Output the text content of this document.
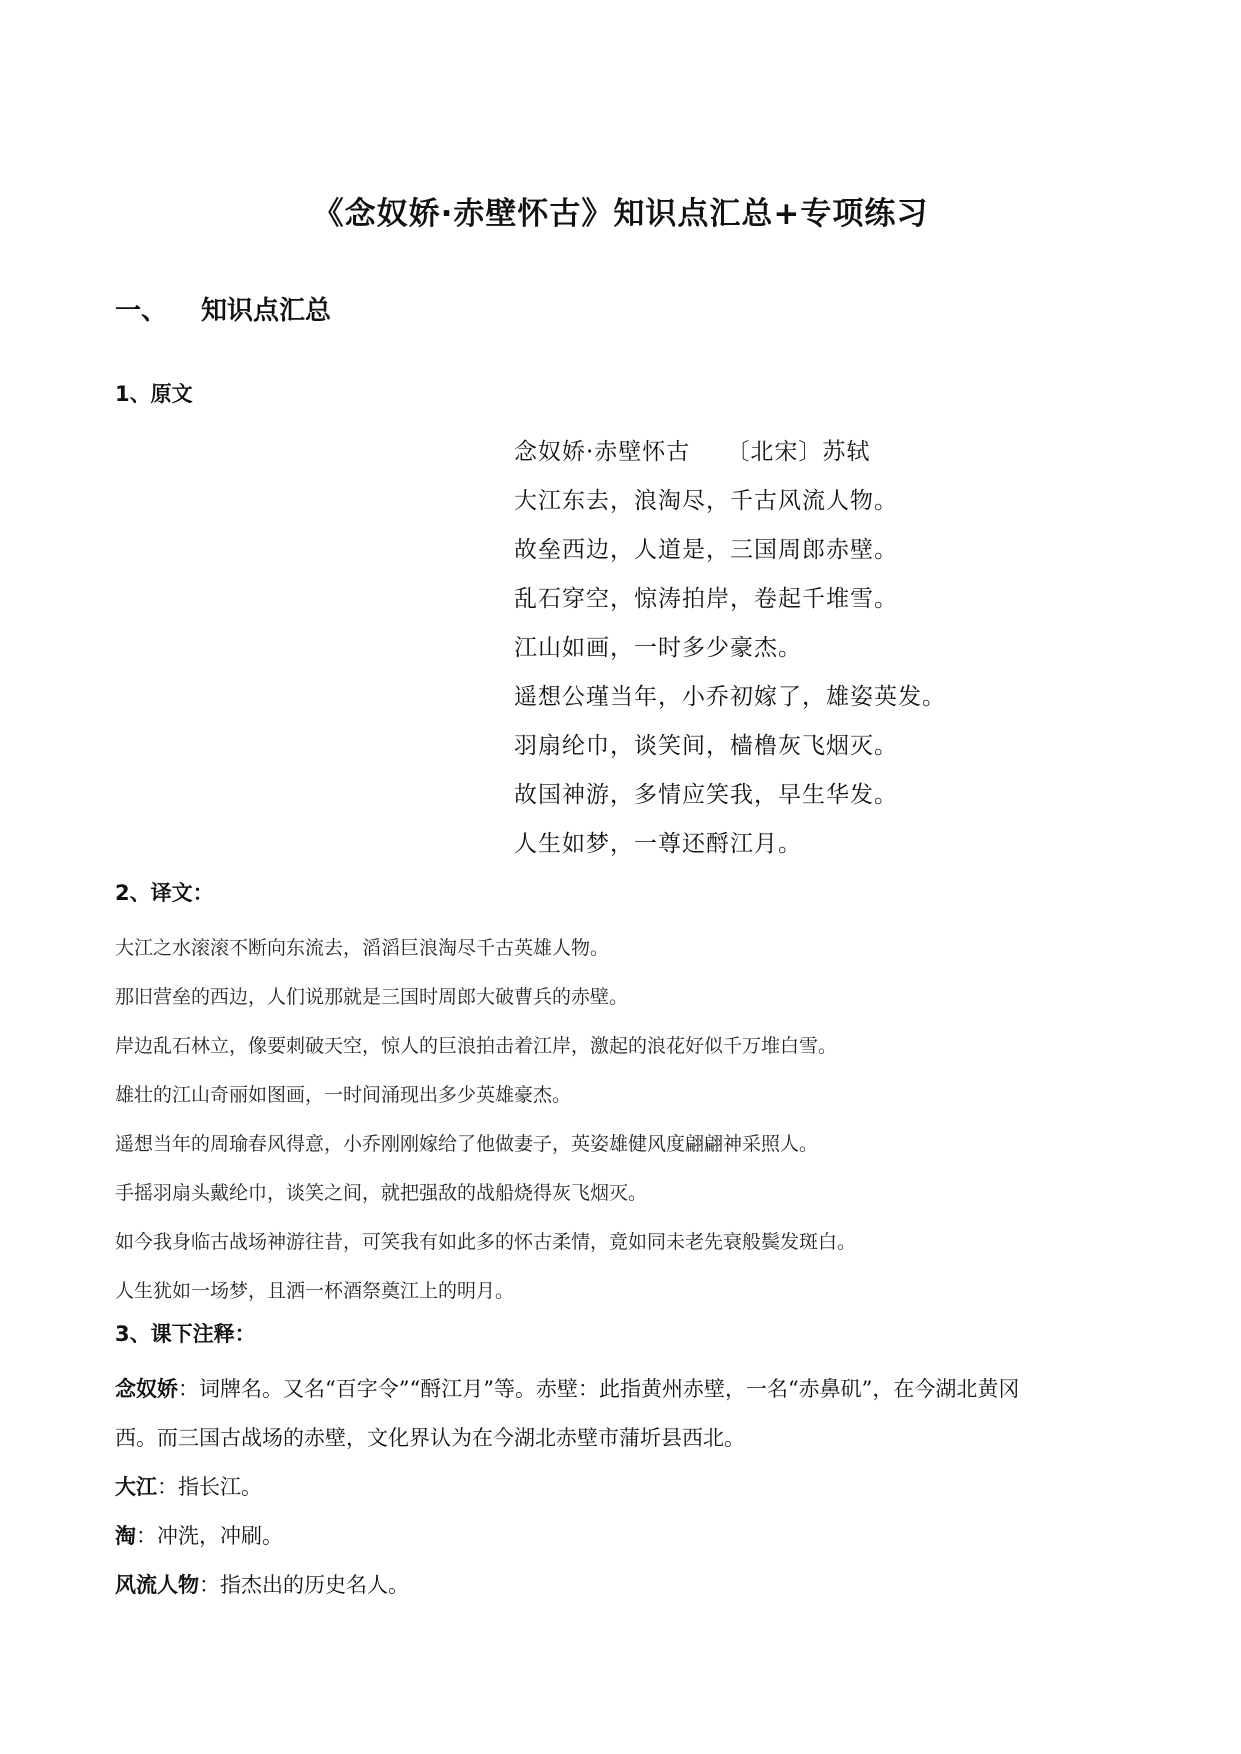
《念奴娇·赤壁怀古》知识点汇总+专项练习
一、 知识点汇总
1、原文
念奴娇·赤壁怀古 〔北宋〕苏轼
大江东去，浪淘尽，千古风流人物。
故垒西边，人道是，三国周郎赤壁。
乱石穿空，惊涛拍岸，卷起千堆雪。
江山如画，一时多少豪杰。
遥想公瑾当年，小乔初嫁了，雄姿英发。
羽扇纶巾，谈笑间，樯橹灰飞烟灭。
故国神游，多情应笑我，早生华发。
人生如梦，一尊还酹江月。
2、译文：
大江之水滚滚不断向东流去，滔滔巨浪淘尽千古英雄人物。
那旧营垒的西边，人们说那就是三国时周郎大破曹兵的赤壁。
岸边乱石林立，像要刺破天空，惊人的巨浪拍击着江岸，激起的浪花好似千万堆白雪。
雄壮的江山奇丽如图画，一时间涌现出多少英雄豪杰。
遥想当年的周瑜春风得意，小乔刚刚嫁给了他做妻子，英姿雄健风度翩翩神采照人。
手摇羽扇头戴纶巾，谈笑之间，就把强敌的战船烧得灰飞烟灭。
如今我身临古战场神游往昔，可笑我有如此多的怀古柔情，竟如同未老先衰般鬓发斑白。
人生犹如一场梦，且洒一杯酒祭奠江上的明月。
3、课下注释：
念奴娇：词牌名。又名“百字令”“酹江月”等。赤壁：此指黄州赤壁，一名“赤鼻矶”，在今湖北黄冈
西。而三国古战场的赤壁，文化界认为在今湖北赤壁市蒲圻县西北。
大江：指长江。
淘：冲洗，冲刷。
风流人物：指杰出的历史名人。
